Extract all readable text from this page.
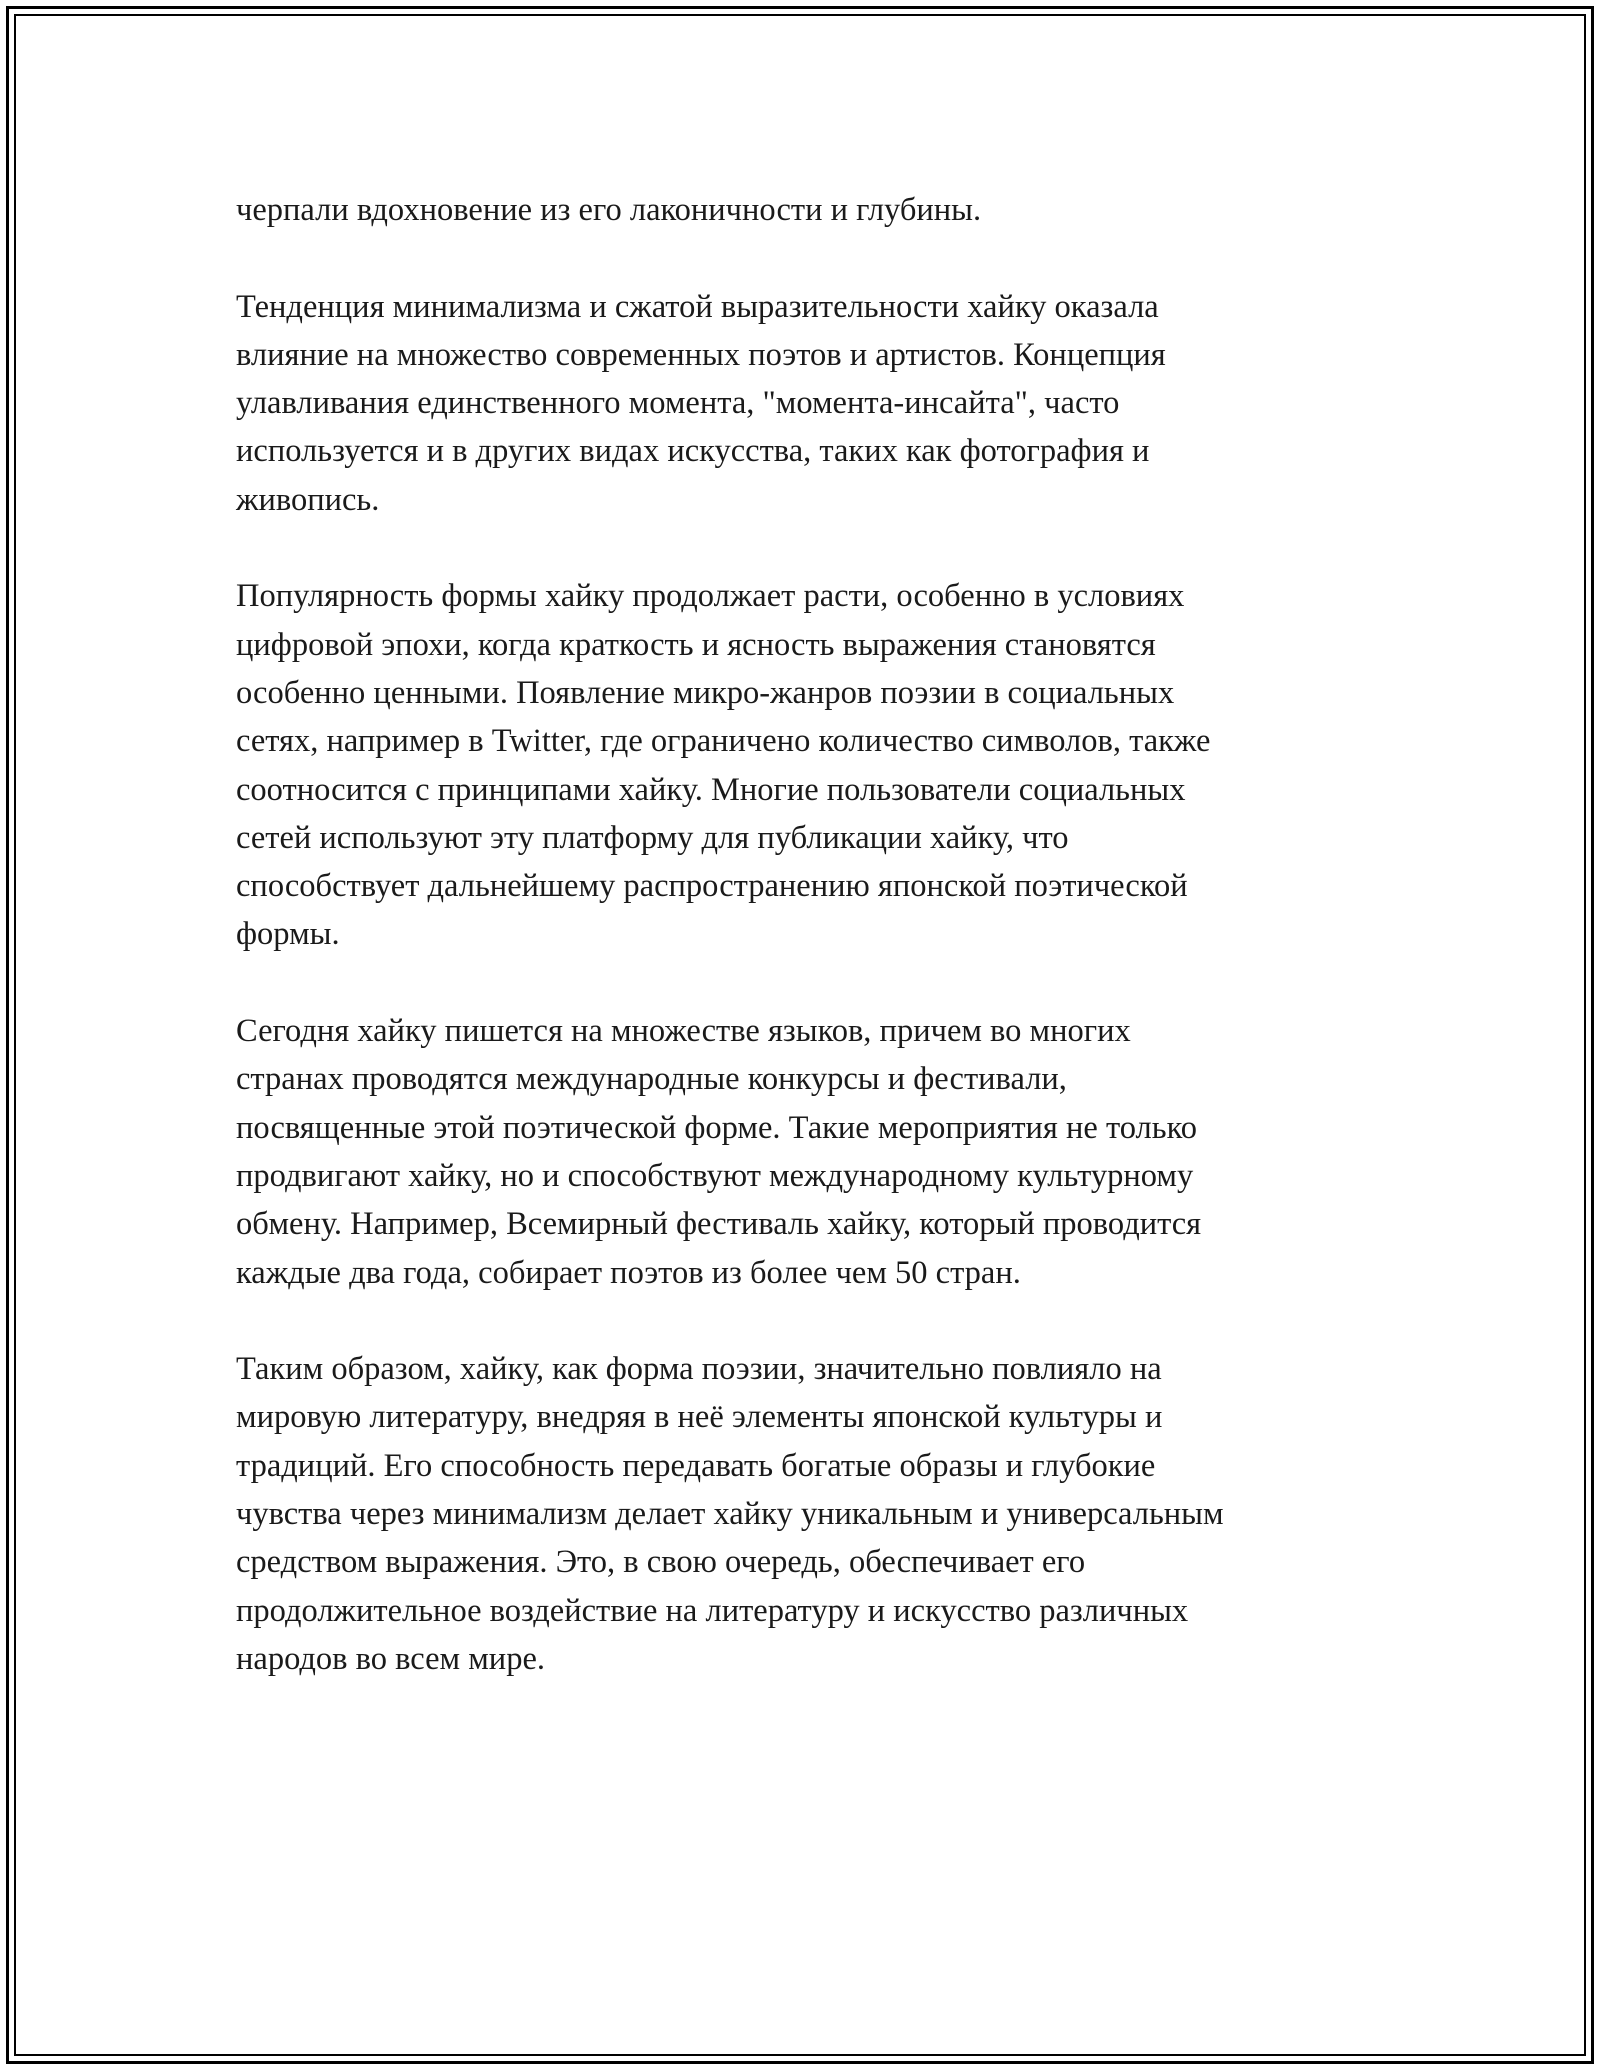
черпали вдохновение из его лаконичности и глубины.

Тенденция минимализма и сжатой выразительности хайку оказала
влияние на множество современных поэтов и артистов. Концепция
улавливания единственного момента, "момента-инсайта", часто
используется и в других видах искусства, таких как фотография и
живопись.

Популярность формы хайку продолжает расти, особенно в условиях
цифровой эпохи, когда краткость и ясность выражения становятся
особенно ценными. Появление микро-жанров поэзии в социальных
сетях, например в Twitter, где ограничено количество символов, также
соотносится с принципами хайку. Многие пользователи социальных
сетей используют эту платформу для публикации хайку, что
способствует дальнейшему распространению японской поэтической
формы.

Сегодня хайку пишется на множестве языков, причем во многих
странах проводятся международные конкурсы и фестивали,
посвященные этой поэтической форме. Такие мероприятия не только
продвигают хайку, но и способствуют международному культурному
обмену. Например, Всемирный фестиваль хайку, который проводится
каждые два года, собирает поэтов из более чем 50 стран.

Таким образом, хайку, как форма поэзии, значительно повлияло на
мировую литературу, внедряя в неё элементы японской культуры и
традиций. Его способность передавать богатые образы и глубокие
чувства через минимализм делает хайку уникальным и универсальным
средством выражения. Это, в свою очередь, обеспечивает его
продолжительное воздействие на литературу и искусство различных
народов во всем мире.
